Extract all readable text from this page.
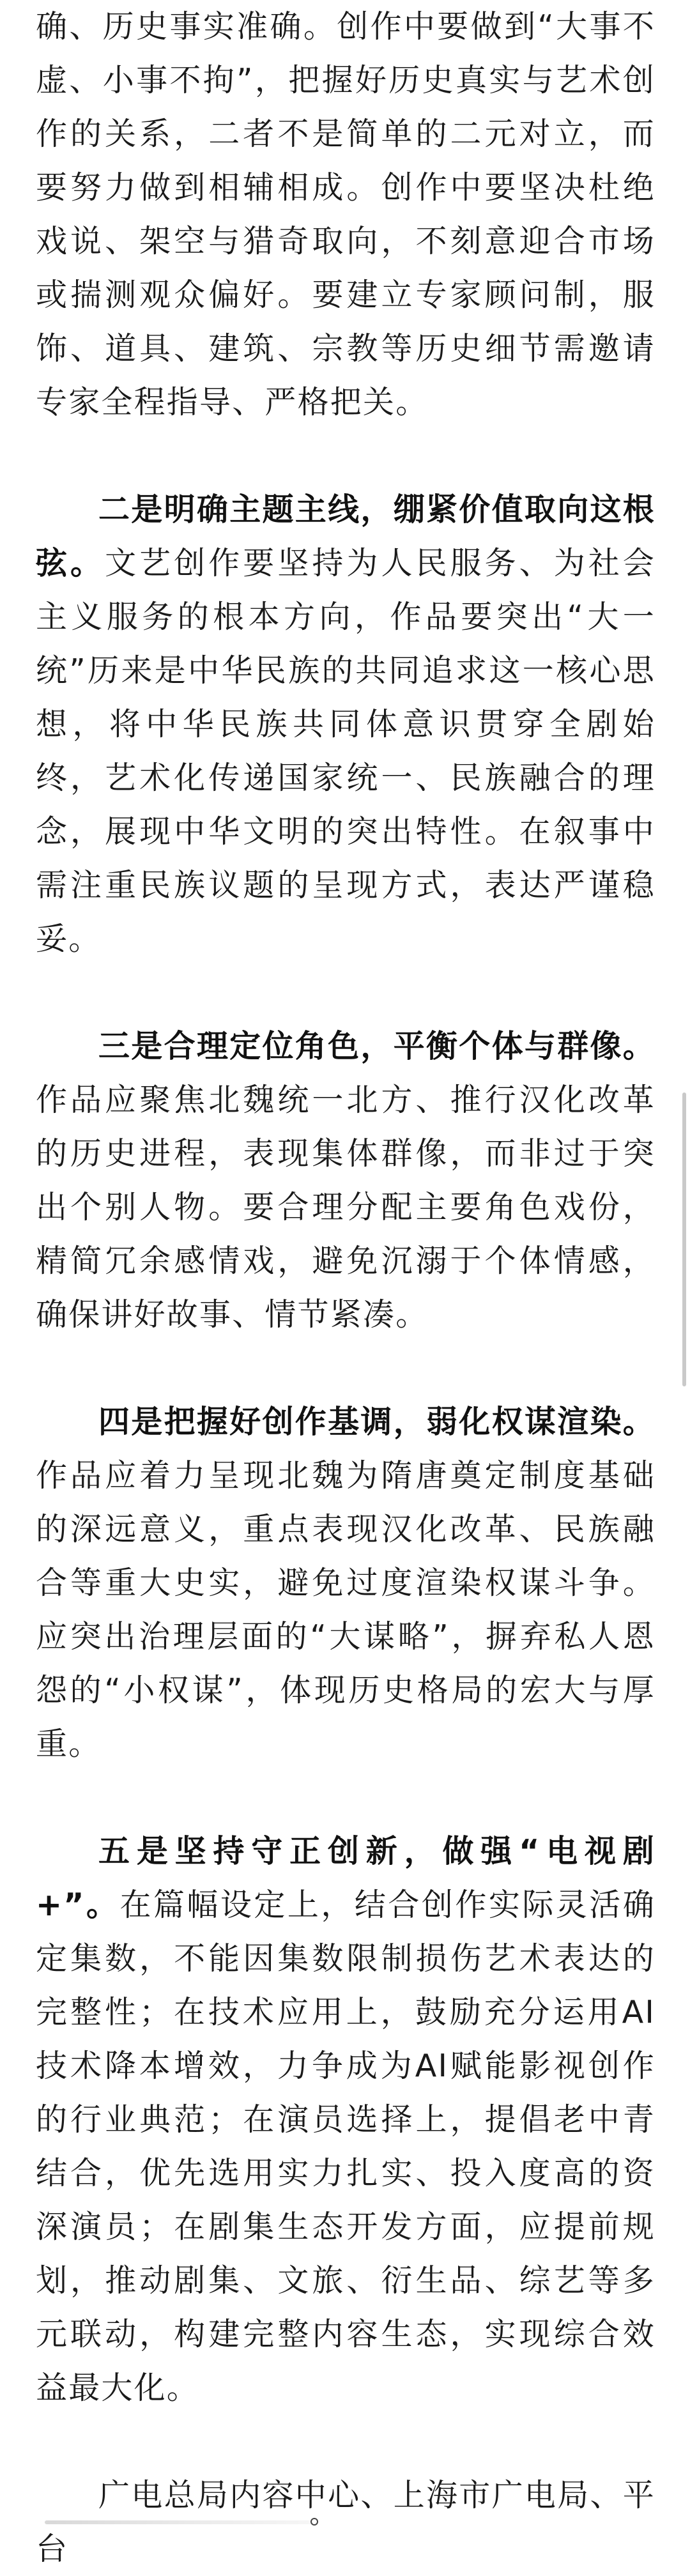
确、历史事实准确。创作中要做到“大事不虚、小事不拘”，把握好历史真实与艺术创作的关系，二者不是简单的二元对立，而要努力做到相辅相成。创作中要坚决杜绝戏说、架空与猎奇取向，不刻意迎合市场或揣测观众偏好。要建立专家顾问制，服饰、道具、建筑、宗教等历史细节需邀请专家全程指导、严格把关。

二是明确主题主线，绷紧价值取向这根弦。文艺创作要坚持为人民服务、为社会主义服务的根本方向，作品要突出“大一统”历来是中华民族的共同追求这一核心思想，将中华民族共同体意识贯穿全剧始终，艺术化传递国家统一、民族融合的理念，展现中华文明的突出特性。在叙事中需注重民族议题的呈现方式，表达严谨稳妥。

三是合理定位角色，平衡个体与群像。作品应聚焦北魏统一北方、推行汉化改革的历史进程，表现集体群像，而非过于突出个别人物。要合理分配主要角色戏份，精简冗余感情戏，避免沉溺于个体情感，确保讲好故事、情节紧凑。

四是把握好创作基调，弱化权谋渲染。作品应着力呈现北魏为隋唐奠定制度基础的深远意义，重点表现汉化改革、民族融合等重大史实，避免过度渲染权谋斗争。应突出治理层面的“大谋略”，摒弃私人恩怨的“小权谋”，体现历史格局的宏大与厚重。

五是坚持守正创新，做强“电视剧+”。在篇幅设定上，结合创作实际灵活确定集数，不能因集数限制损伤艺术表达的完整性；在技术应用上，鼓励充分运用AI技术降本增效，力争成为AI赋能影视创作的行业典范；在演员选择上，提倡老中青结合，优先选用实力扎实、投入度高的资深演员；在剧集生态开发方面，应提前规划，推动剧集、文旅、衍生品、综艺等多元联动，构建完整内容生态，实现综合效益最大化。

广电总局内容中心、上海市广电局、平台
